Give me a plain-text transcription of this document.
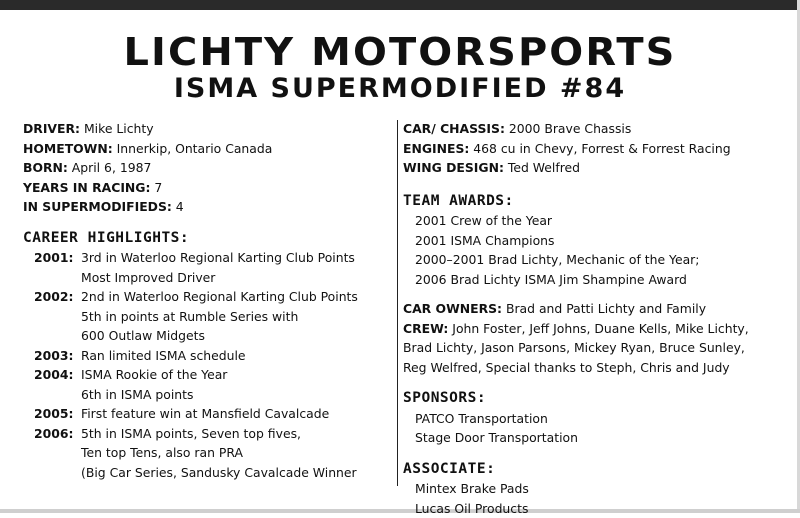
LICHTY MOTORSPORTS
ISMA SUPERMODIFIED #84
DRIVER: Mike Lichty
HOMETOWN: Innerkip, Ontario Canada
BORN: April 6, 1987
YEARS IN RACING: 7
IN SUPERMODIFIEDS: 4
CAREER HIGHLIGHTS:
2001: 3rd in Waterloo Regional Karting Club Points
Most Improved Driver
2002: 2nd in Waterloo Regional Karting Club Points
5th in points at Rumble Series with
600 Outlaw Midgets
2003: Ran limited ISMA schedule
2004: ISMA Rookie of the Year
6th in ISMA points
2005: First feature win at Mansfield Cavalcade
2006: 5th in ISMA points, Seven top fives,
Ten top Tens, also ran PRA
(Big Car Series, Sandusky Cavalcade Winner
CAR/ CHASSIS: 2000 Brave Chassis
ENGINES: 468 cu in Chevy, Forrest & Forrest Racing
WING DESIGN: Ted Welfred
TEAM AWARDS:
2001 Crew of the Year
2001 ISMA Champions
2000–2001 Brad Lichty, Mechanic of the Year;
2006 Brad Lichty ISMA Jim Shampine Award
CAR OWNERS: Brad and Patti Lichty and Family
CREW: John Foster, Jeff Johns, Duane Kells, Mike Lichty,
Brad Lichty, Jason Parsons, Mickey Ryan, Bruce Sunley,
Reg Welfred, Special thanks to Steph, Chris and Judy
SPONSORS:
PATCO Transportation
Stage Door Transportation
ASSOCIATE:
Mintex Brake Pads
Lucas Oil Products
